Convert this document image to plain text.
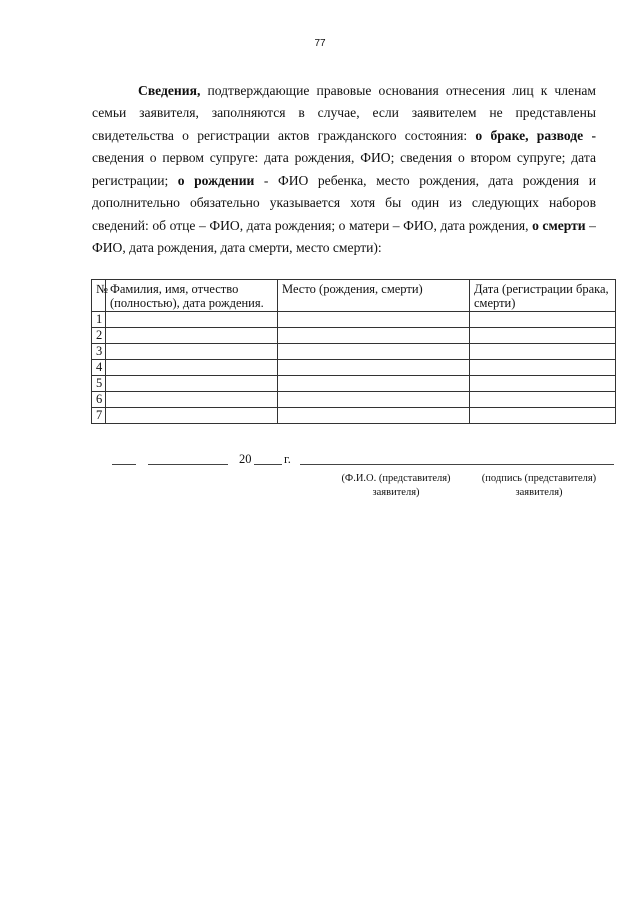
77

Сведения, подтверждающие правовые основания отнесения лиц к членам семьи заявителя, заполняются в случае, если заявителем не представлены свидетельства о регистрации актов гражданского состояния: о браке, разводе - сведения о первом супруге: дата рождения, ФИО; сведения о втором супруге; дата регистрации; о рождении - ФИО ребенка, место рождения, дата рождения и дополнительно обязательно указывается хотя бы один из следующих наборов сведений: об отце – ФИО, дата рождения; о матери – ФИО, дата рождения, о смерти – ФИО, дата рождения, дата смерти, место смерти):

№	Фамилия, имя, отчество (полностью), дата рождения.	Место (рождения, смерти)	Дата (регистрации брака, смерти)
1			
2			
3			
4			
5			
6			
7			
20	г.
(Ф.И.О. (представителя) заявителя)
(подпись (представителя) заявителя)
